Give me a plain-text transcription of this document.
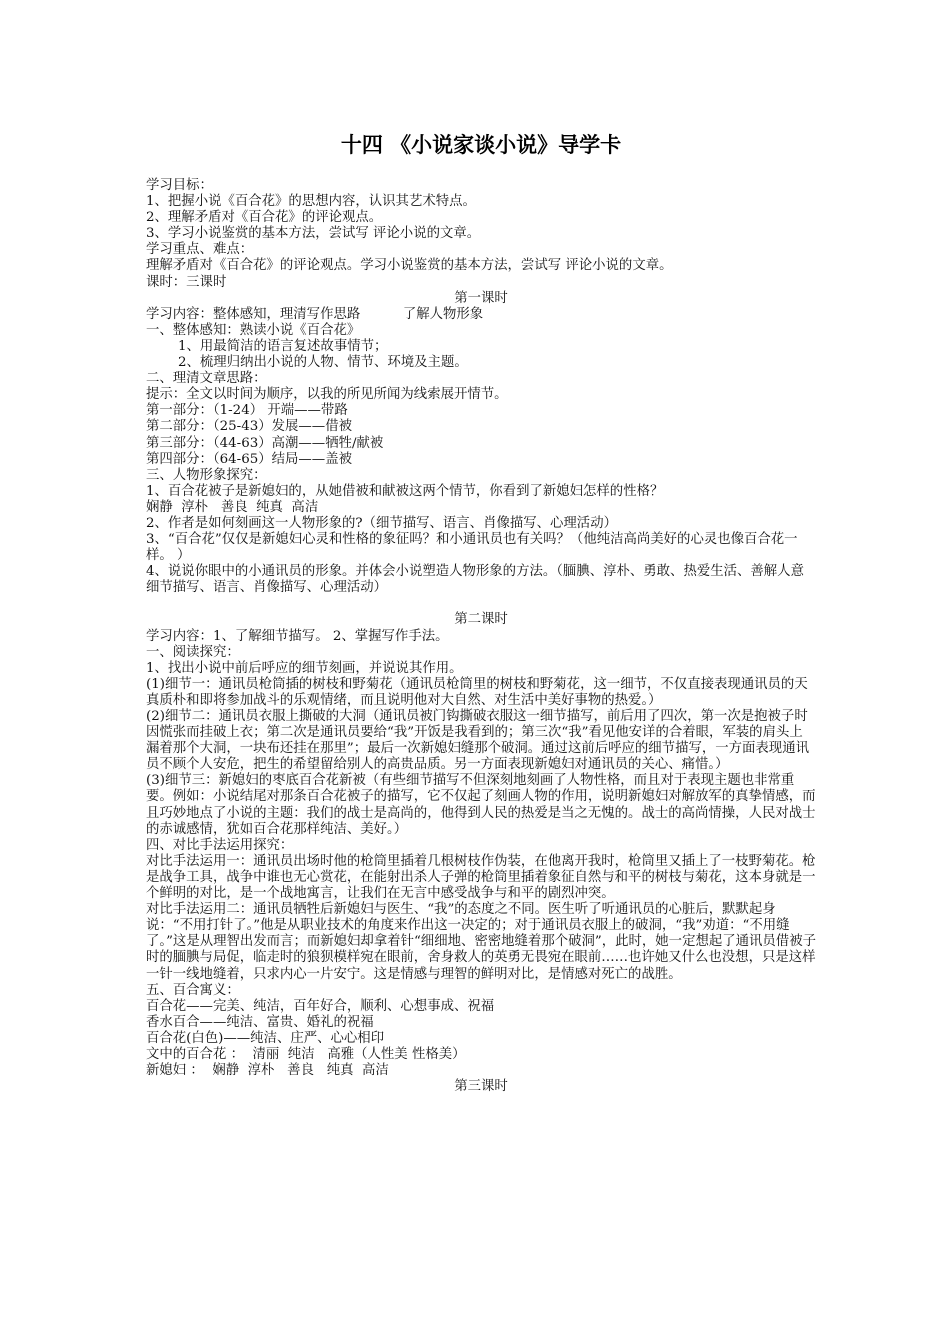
十四 《小说家谈小说》导学卡

学习目标：

1、把握小说《百合花》的思想内容，认识其艺术特点。

2、理解矛盾对《百合花》的评论观点。

3、学习小说鉴赏的基本方法，尝试写 评论小说的文章。

学习重点、难点：

理解矛盾对《百合花》的评论观点。学习小说鉴赏的基本方法，尝试写 评论小说的文章。

课时：三课时

第一课时

学习内容：整体感知，理清写作思路          了解人物形象

一、整体感知：熟读小说《百合花》

1、用最简洁的语言复述故事情节；

2、梳理归纳出小说的人物、情节、环境及主题。

二、理清文章思路：

提示：全文以时间为顺序，以我的所见所闻为线索展开情节。

第一部分：（1-24） 开端——带路

第二部分：（25-43）发展——借被

第三部分：（44-63）高潮——牺牲/献被

第四部分：（64-65）结局——盖被

三、人物形象探究：

1、百合花被子是新媳妇的，从她借被和献被这两个情节，你看到了新媳妇怎样的性格？

娴静  淳朴   善良  纯真  高洁

2、作者是如何刻画这一人物形象的?（细节描写、语言、肖像描写、心理活动）

3、“百合花”仅仅是新媳妇心灵和性格的象征吗？和小通讯员也有关吗？（他纯洁高尚美好的心灵也像百合花一样。 ）

4、说说你眼中的小通讯员的形象。并体会小说塑造人物形象的方法。（腼腆、淳朴、勇敢、热爱生活、善解人意     细节描写、语言、肖像描写、心理活动）

第二课时

学习内容：1、了解细节描写。 2、掌握写作手法。

一、阅读探究：

1、找出小说中前后呼应的细节刻画，并说说其作用。

(1)细节一：通讯员枪筒插的树枝和野菊花（通讯员枪筒里的树枝和野菊花，这一细节，不仅直接表现通讯员的天真质朴和即将参加战斗的乐观情绪，而且说明他对大自然、对生活中美好事物的热爱。）

(2)细节二：通讯员衣服上撕破的大洞（通讯员被门钩撕破衣服这一细节描写，前后用了四次，第一次是抱被子时因慌张而挂破上衣；第二次是通讯员要给“我”开饭是我看到的；第三次“我”看见他安详的合着眼，军装的肩头上漏着那个大洞，一块布还挂在那里”；最后一次新媳妇缝那个破洞。通过这前后呼应的细节描写，一方面表现通讯员不顾个人安危，把生的希望留给别人的高贵品质。另一方面表现新媳妇对通讯员的关心、痛惜。）

(3)细节三：新媳妇的枣底百合花新被（有些细节描写不但深刻地刻画了人物性格，而且对于表现主题也非常重要。例如：小说结尾对那条百合花被子的描写，它不仅起了刻画人物的作用，说明新媳妇对解放军的真挚情感，而且巧妙地点了小说的主题：我们的战士是高尚的，他得到人民的热爱是当之无愧的。战士的高尚情操，人民对战士的赤诚感情，犹如百合花那样纯洁、美好。）

四、对比手法运用探究：

对比手法运用一：通讯员出场时他的枪筒里插着几根树枝作伪装，在他离开我时，枪筒里又插上了一枝野菊花。枪是战争工具，战争中谁也无心赏花，在能射出杀人子弹的枪筒里插着象征自然与和平的树枝与菊花，这本身就是一个鲜明的对比，是一个战地寓言，让我们在无言中感受战争与和平的剧烈冲突。

对比手法运用二：通讯员牺牲后新媳妇与医生、“我”的态度之不同。医生听了听通讯员的心脏后，默默起身说：“不用打针了。”他是从职业技术的角度来作出这一决定的；对于通讯员衣服上的破洞，“我”劝道：“不用缝了。”这是从理智出发而言；而新媳妇却拿着针“细细地、密密地缝着那个破洞”，此时，她一定想起了通讯员借被子时的腼腆与局促，临走时的狼狈模样宛在眼前，舍身救人的英勇无畏宛在眼前……也许她又什么也没想，只是这样一针一线地缝着，只求内心一片安宁。这是情感与理智的鲜明对比，是情感对死亡的战胜。

五、百合寓义：

百合花——完美、纯洁，百年好合，顺利、心想事成、祝福

香水百合——纯洁、富贵、婚礼的祝福

百合花(白色)——纯洁、庄严、心心相印

文中的百合花 ：  清丽  纯洁   高雅（人性美 性格美）

新媳妇 ：  娴静  淳朴   善良   纯真  高洁

第三课时
